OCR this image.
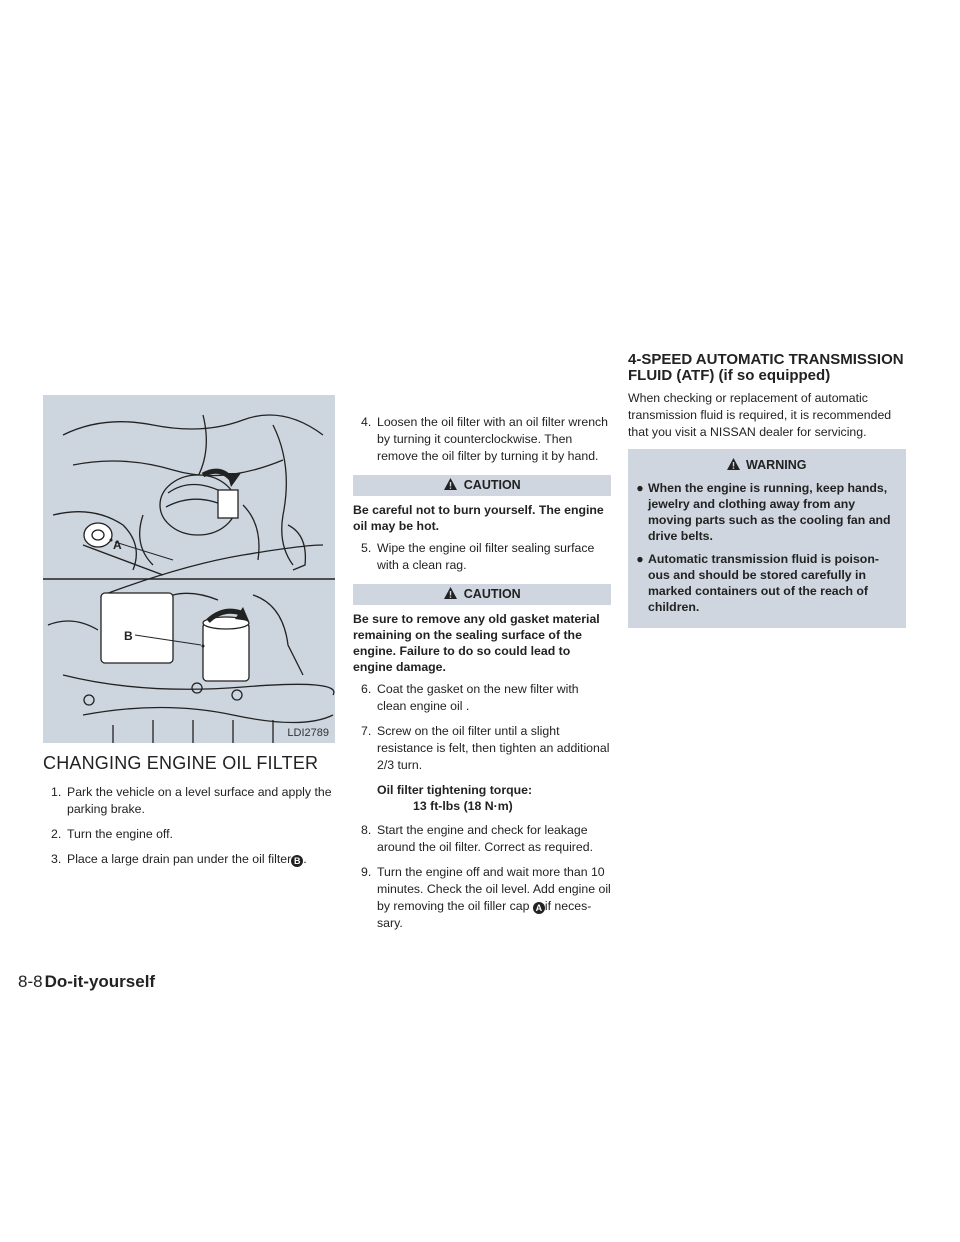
A
B
LDI2789
CHANGING ENGINE OIL FILTER
1. Park the vehicle on a level surface and apply the parking brake.
2. Turn the engine off.
3. Place a large drain pan under the oil filter B .
4. Loosen the oil filter with an oil filter wrench by turning it counterclockwise. Then remove the oil filter by turning it by hand.
CAUTION
Be careful not to burn yourself. The engine oil may be hot.
5. Wipe the engine oil filter sealing surface with a clean rag.
CAUTION
Be sure to remove any old gasket material remaining on the sealing surface of the engine. Failure to do so could lead to engine damage.
6. Coat the gasket on the new filter with clean engine oil .
7. Screw on the oil filter until a slight resistance is felt, then tighten an additional 2/3 turn.
Oil filter tightening torque:
13 ft-lbs (18 N·m)
8. Start the engine and check for leakage around the oil filter. Correct as required.
9. Turn the engine off and wait more than 10 minutes. Check the oil level. Add engine oil by removing the oil filler cap A if neces-sary.
4-SPEED AUTOMATIC TRANSMISSION FLUID (ATF) (if so equipped)
When checking or replacement of automatic transmission fluid is required, it is recommended that you visit a NISSAN dealer for servicing.
WARNING
● When the engine is running, keep hands, jewelry and clothing away from any moving parts such as the cooling fan and drive belts.
● Automatic transmission fluid is poison-ous and should be stored carefully in marked containers out of the reach of children.
8-8 Do-it-yourself
